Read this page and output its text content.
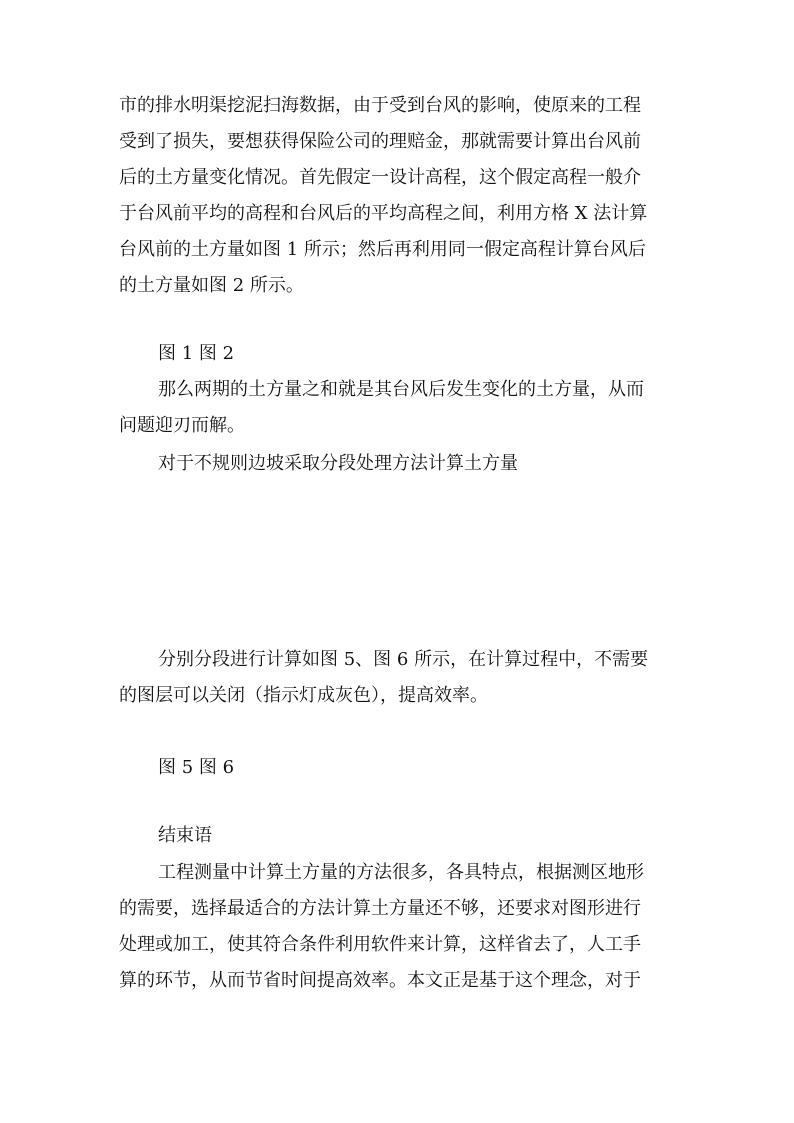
市的排水明渠挖泥扫海数据，由于受到台风的影响，使原来的工程
受到了损失，要想获得保险公司的理赔金，那就需要计算出台风前
后的土方量变化情况。首先假定一设计高程，这个假定高程一般介
于台风前平均的高程和台风后的平均高程之间，利用方格 X 法计算
台风前的土方量如图 1 所示；然后再利用同一假定高程计算台风后
的土方量如图 2 所示。
图 1 图 2
那么两期的土方量之和就是其台风后发生变化的土方量，从而
问题迎刃而解。
对于不规则边坡采取分段处理方法计算土方量
分别分段进行计算如图 5、图 6 所示，在计算过程中，不需要
的图层可以关闭（指示灯成灰色），提高效率。
图 5 图 6
结束语
工程测量中计算土方量的方法很多，各具特点，根据测区地形
的需要，选择最适合的方法计算土方量还不够，还要求对图形进行
处理或加工，使其符合条件利用软件来计算，这样省去了，人工手
算的环节，从而节省时间提高效率。本文正是基于这个理念，对于
